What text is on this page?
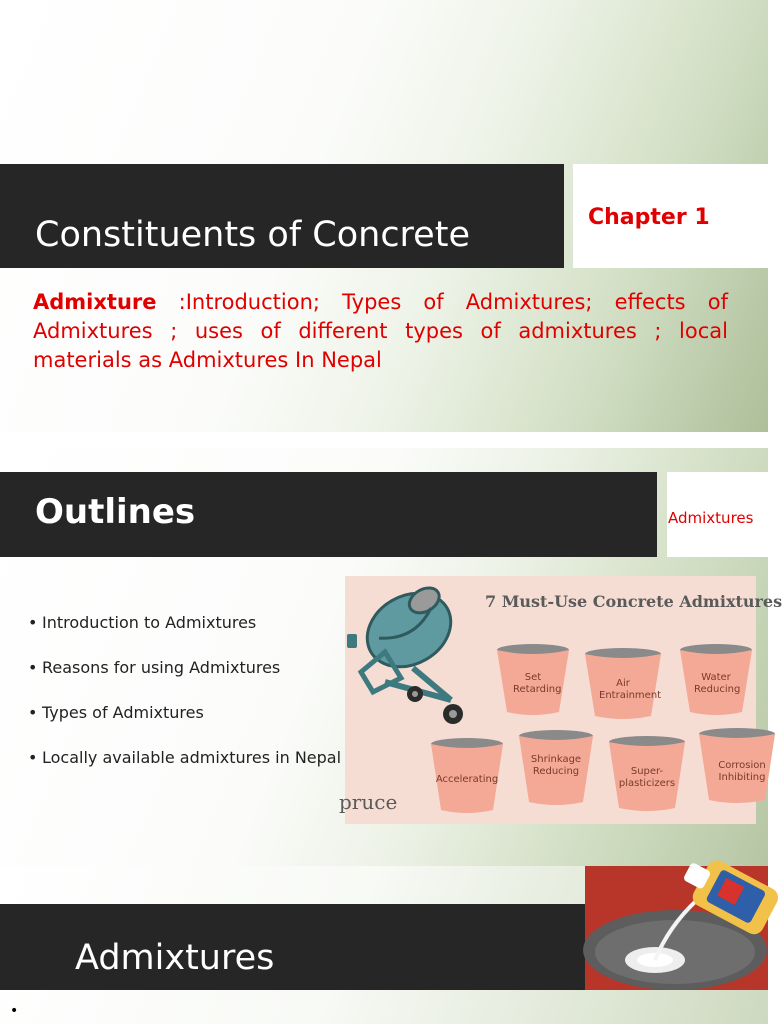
Constituents of Concrete	Chapter 1

Admixture :Introduction; Types of Admixtures; effects of Admixtures ; uses of different types of admixtures ; local materials as Admixtures In Nepal

Outlines	Admixtures
• Introduction to Admixtures
• Reasons for using Admixtures
• Types of Admixtures
• Locally available admixtures in Nepal
7 Must-Use Concrete Admixtures
Set Retarding
Air Entrainment
Water Reducing
Accelerating
Shrinkage Reducing	Super-plasticizers
Corrosion Inhibiting
pruce
Admixtures
•
